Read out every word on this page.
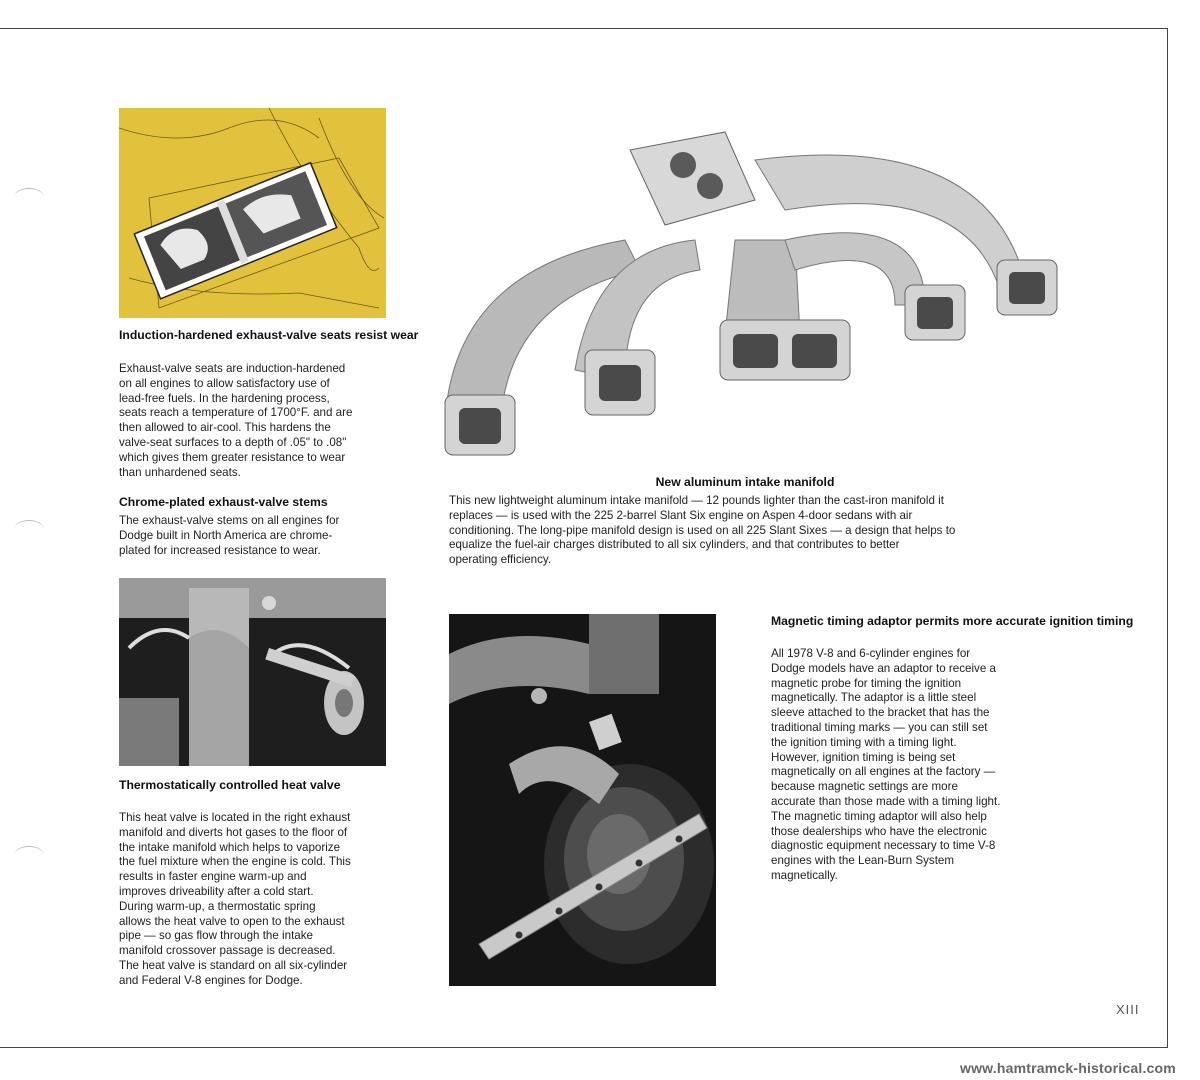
Induction-hardened exhaust-valve seats resist wear
Exhaust-valve seats are induction-hardened
on all engines to allow satisfactory use of
lead-free fuels. In the hardening process,
seats reach a temperature of 1700°F. and are
then allowed to air-cool. This hardens the
valve-seat surfaces to a depth of .05" to .08"
which gives them greater resistance to wear
than unhardened seats.
Chrome-plated exhaust-valve stems
The exhaust-valve stems on all engines for
Dodge built in North America are chrome-
plated for increased resistance to wear.
Thermostatically controlled heat valve
This heat valve is located in the right exhaust
manifold and diverts hot gases to the floor of
the intake manifold which helps to vaporize
the fuel mixture when the engine is cold. This
results in faster engine warm-up and
improves driveability after a cold start.
During warm-up, a thermostatic spring
allows the heat valve to open to the exhaust
pipe — so gas flow through the intake
manifold crossover passage is decreased.
The heat valve is standard on all six-cylinder
and Federal V-8 engines for Dodge.
New aluminum intake manifold
This new lightweight aluminum intake manifold — 12 pounds lighter than the cast-iron manifold it
replaces — is used with the 225 2-barrel Slant Six engine on Aspen 4-door sedans with air
conditioning. The long-pipe manifold design is used on all 225 Slant Sixes — a design that helps to
equalize the fuel-air charges distributed to all six cylinders, and that contributes to better
operating efficiency.
Magnetic timing adaptor permits more accurate ignition timing
All 1978 V-8 and 6-cylinder engines for
Dodge models have an adaptor to receive a
magnetic probe for timing the ignition
magnetically. The adaptor is a little steel
sleeve attached to the bracket that has the
traditional timing marks — you can still set
the ignition timing with a timing light.
However, ignition timing is being set
magnetically on all engines at the factory —
because magnetic settings are more
accurate than those made with a timing light.
The magnetic timing adaptor will also help
those dealerships who have the electronic
diagnostic equipment necessary to time V-8
engines with the Lean-Burn System
magnetically.
XIII
www.hamtramck-historical.com
